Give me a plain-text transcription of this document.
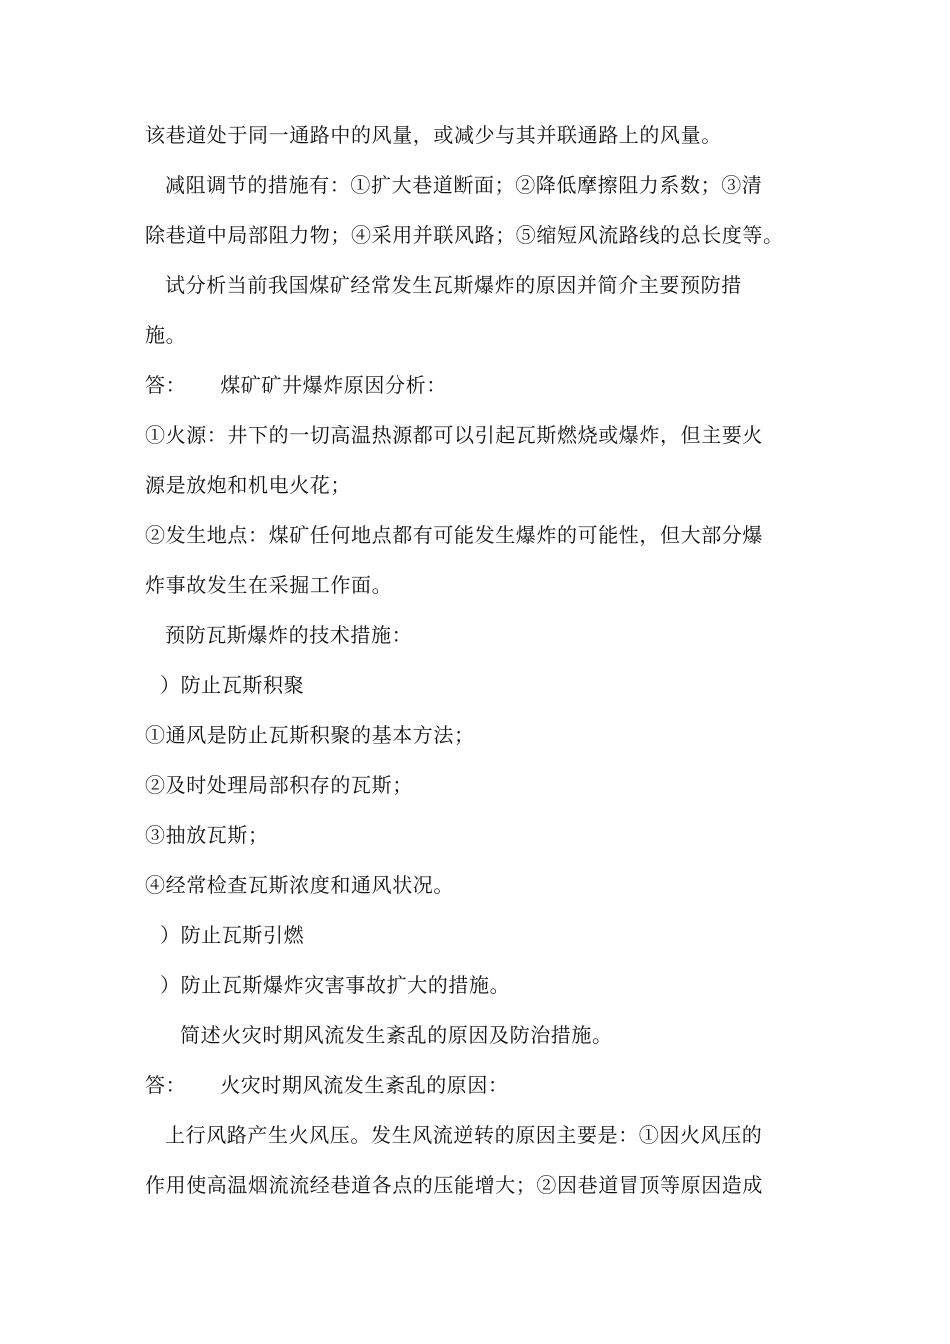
该巷道处于同一通路中的风量，或减少与其并联通路上的风量。
减阻调节的措施有：①扩大巷道断面；②降低摩擦阻力系数；③清
除巷道中局部阻力物；④采用并联风路；⑤缩短风流路线的总长度等。
试分析当前我国煤矿经常发生瓦斯爆炸的原因并简介主要预防措
施。
答： 煤矿矿井爆炸原因分析：
①火源：井下的一切高温热源都可以引起瓦斯燃烧或爆炸，但主要火
源是放炮和机电火花；
②发生地点：煤矿任何地点都有可能发生爆炸的可能性，但大部分爆
炸事故发生在采掘工作面。
预防瓦斯爆炸的技术措施：
）防止瓦斯积聚
①通风是防止瓦斯积聚的基本方法；
②及时处理局部积存的瓦斯；
③抽放瓦斯；
④经常检查瓦斯浓度和通风状况。
）防止瓦斯引燃
）防止瓦斯爆炸灾害事故扩大的措施。
简述火灾时期风流发生紊乱的原因及防治措施。
答： 火灾时期风流发生紊乱的原因：
上行风路产生火风压。发生风流逆转的原因主要是：①因火风压的
作用使高温烟流流经巷道各点的压能增大；②因巷道冒顶等原因造成
